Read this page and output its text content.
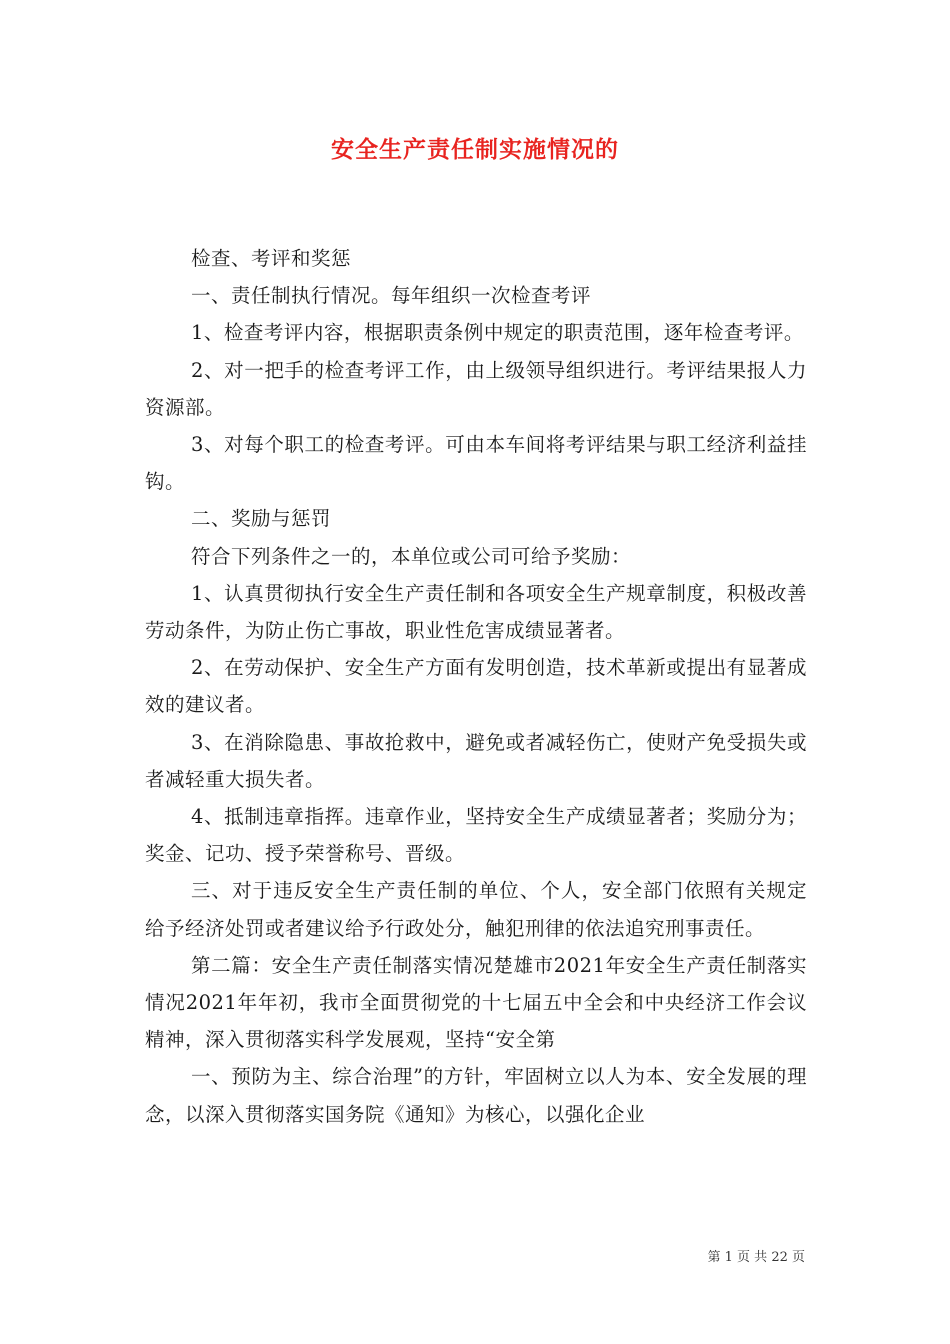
安全生产责任制实施情况的

检查、考评和奖惩

一、责任制执行情况。每年组织一次检查考评

1、检查考评内容，根据职责条例中规定的职责范围，逐年检查考评。

2、对一把手的检查考评工作，由上级领导组织进行。考评结果报人力资源部。

3、对每个职工的检查考评。可由本车间将考评结果与职工经济利益挂钩。

二、奖励与惩罚

符合下列条件之一的，本单位或公司可给予奖励：

1、认真贯彻执行安全生产责任制和各项安全生产规章制度，积极改善劳动条件，为防止伤亡事故，职业性危害成绩显著者。

2、在劳动保护、安全生产方面有发明创造，技术革新或提出有显著成效的建议者。

3、在消除隐患、事故抢救中，避免或者减轻伤亡，使财产免受损失或者减轻重大损失者。

4、抵制违章指挥。违章作业，坚持安全生产成绩显著者；奖励分为；奖金、记功、授予荣誉称号、晋级。

三、对于违反安全生产责任制的单位、个人，安全部门依照有关规定给予经济处罚或者建议给予行政处分，触犯刑律的依法追究刑事责任。

第二篇：安全生产责任制落实情况楚雄市2021年安全生产责任制落实情况2021年年初，我市全面贯彻党的十七届五中全会和中央经济工作会议精神，深入贯彻落实科学发展观，坚持“安全第

一、预防为主、综合治理”的方针，牢固树立以人为本、安全发展的理念，以深入贯彻落实国务院《通知》为核心，以强化企业

第 1 页 共 22 页
